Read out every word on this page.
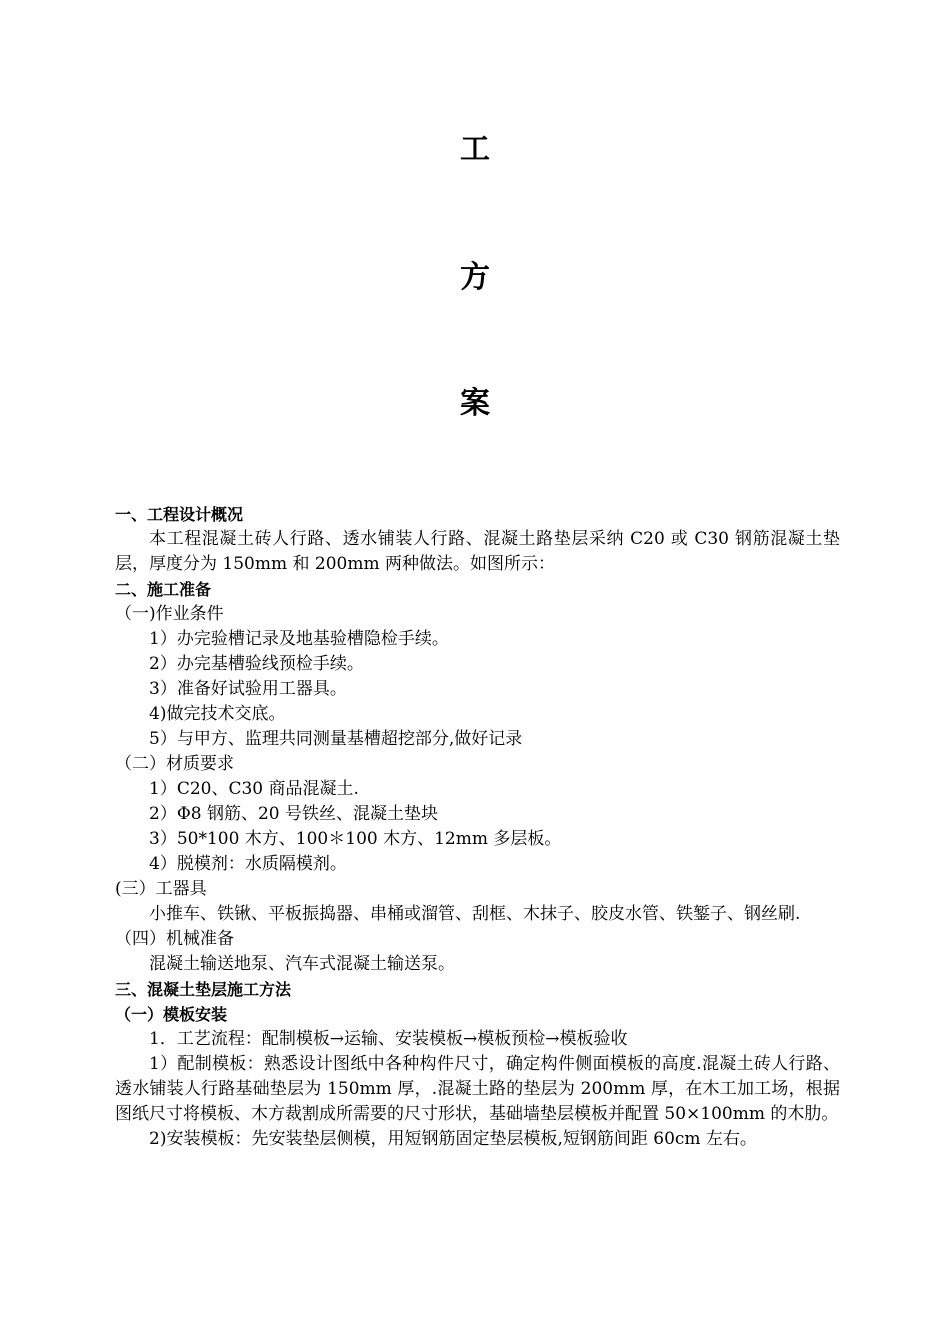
工
方
案
一、工程设计概况
本工程混凝土砖人行路、透水铺装人行路、混凝土路垫层采纳 C20 或 C30 钢筋混凝土垫层，厚度分为 150mm 和 200mm 两种做法。如图所示：
二、施工准备
（一)作业条件
1）办完验槽记录及地基验槽隐检手续。
2）办完基槽验线预检手续。
3）准备好试验用工器具。
4)做完技术交底。
5）与甲方、监理共同测量基槽超挖部分,做好记录
（二）材质要求
1）C20、C30 商品混凝土.
2）Φ8 钢筋、20 号铁丝、混凝土垫块
3）50*100 木方、100＊100 木方、12mm 多层板。
4）脱模剂：水质隔模剂。
(三）工器具
小推车、铁锹、平板振捣器、串桶或溜管、刮框、木抹子、胶皮水管、铁錾子、钢丝刷.
（四）机械准备
混凝土输送地泵、汽车式混凝土输送泵。
三、混凝土垫层施工方法
（一）模板安装
1．工艺流程：配制模板→运输、安装模板→模板预检→模板验收
1）配制模板：熟悉设计图纸中各种构件尺寸，确定构件侧面模板的高度.混凝土砖人行路、透水铺装人行路基础垫层为 150mm 厚，.混凝土路的垫层为 200mm 厚，在木工加工场，根据图纸尺寸将模板、木方裁割成所需要的尺寸形状，基础墙垫层模板并配置 50×100mm 的木肋。
2)安装模板：先安装垫层侧模，用短钢筋固定垫层模板,短钢筋间距 60cm 左右。
